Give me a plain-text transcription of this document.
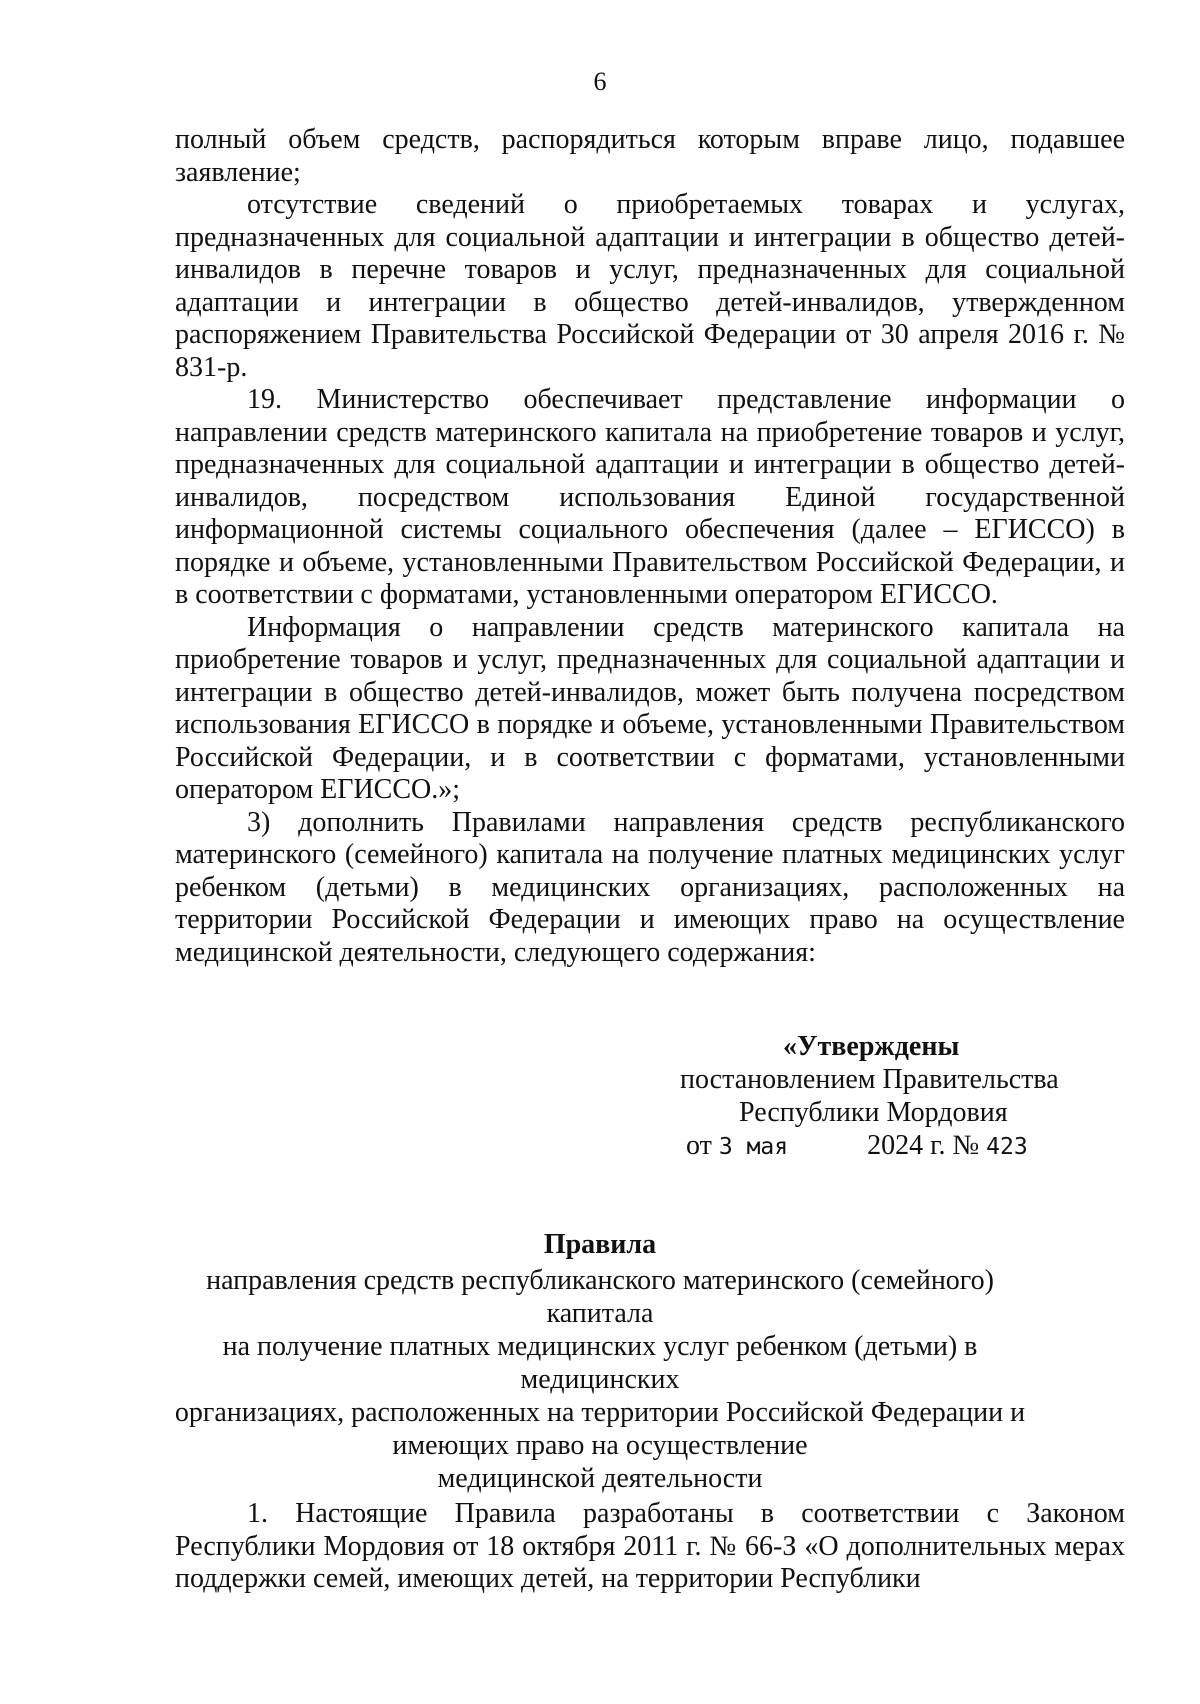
6

полный объем средств, распорядиться которым вправе лицо, подавшее заявление;

отсутствие сведений о приобретаемых товарах и услугах, предназначенных для социальной адаптации и интеграции в общество детей-инвалидов в перечне товаров и услуг, предназначенных для социальной адаптации и интеграции в общество детей-инвалидов, утвержденном распоряжением Правительства Российской Федерации от 30 апреля 2016 г. № 831-р.

19. Министерство обеспечивает представление информации о направлении средств материнского капитала на приобретение товаров и услуг, предназначенных для социальной адаптации и интеграции в общество детей-инвалидов, посредством использования Единой государственной информационной системы социального обеспечения (далее – ЕГИССО) в порядке и объеме, установленными Правительством Российской Федерации, и в соответствии с форматами, установленными оператором ЕГИССО.

Информация о направлении средств материнского капитала на приобретение товаров и услуг, предназначенных для социальной адаптации и интеграции в общество детей-инвалидов, может быть получена посредством использования ЕГИССО в порядке и объеме, установленными Правительством Российской Федерации, и в соответствии с форматами, установленными оператором ЕГИССО.»;

3) дополнить Правилами направления средств республиканского материнского (семейного) капитала на получение платных медицинских услуг ребенком (детьми) в медицинских организациях, расположенных на территории Российской Федерации и имеющих право на осуществление медицинской деятельности, следующего содержания:

«Утверждены
постановлением Правительства
Республики Мордовия
от 3 мая	2024 г. № 423
Правила
направления средств республиканского материнского (семейного) капитала
на получение платных медицинских услуг ребенком (детьми) в медицинских
организациях, расположенных на территории Российской Федерации и
имеющих право на осуществление
медицинской деятельности

1. Настоящие Правила разработаны в соответствии с Законом Республики Мордовия от 18 октября 2011 г. № 66-З «О дополнительных мерах поддержки семей, имеющих детей, на территории Республики
